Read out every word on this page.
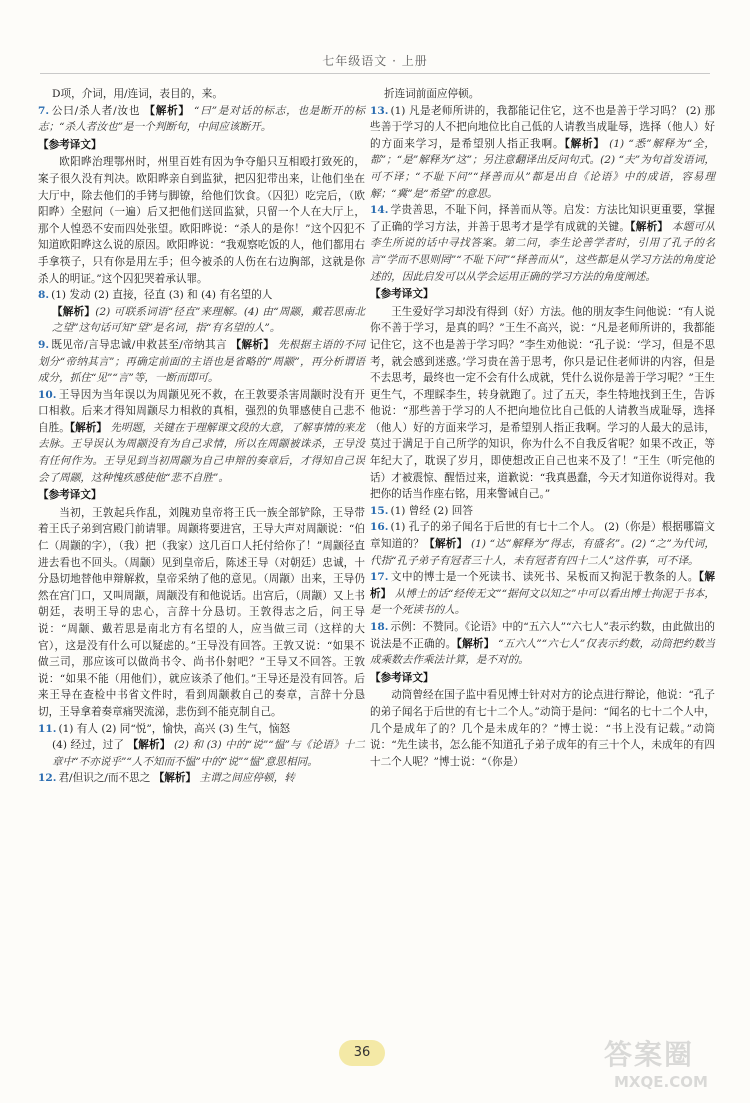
七年级语文 · 上册

D项，介词，用/连词，表目的，来。

7. 公曰/杀人者/汝也 【解析】 “曰”是对话的标志，也是断开的标志；“杀人者汝也”是一个判断句，中间应该断开。

【参考译文】

欧阳晔治理鄂州时，州里百姓有因为争夺船只互相殴打致死的，案子很久没有判决。欧阳晔亲自到监狱，把囚犯带出来，让他们坐在大厅中，除去他们的手铐与脚镣，给他们饮食。（囚犯）吃完后，（欧阳晔）全慰问（一遍）后又把他们送回监狱，只留一个人在大厅上，那个人惶恐不安而四处张望。欧阳晔说：“杀人的是你！”这个囚犯不知道欧阳晔这么说的原因。欧阳晔说：“我观察吃饭的人，他们都用右手拿筷子，只有你是用左手；但今被杀的人伤在右边胸部，这就是你杀人的明证。”这个囚犯哭着承认罪。

8. (1) 发动 (2) 直接，径直 (3) 和 (4) 有名望的人

【解析】(2) 可联系词语“径直”来理解。(4) 由“周颛，戴若思南北之望”这句话可知“望”是名词，指“有名望的人”。

9. 既见帝/言导忠诚/申救甚至/帝纳其言 【解析】 先根据主语的不同划分“帝纳其言”；再确定前面的主语也是省略的“周颛”，再分析谓语成分，抓住“见”“言”等，一断而即可。

10. 王导因为当年误以为周颛见死不救，在王敦要杀害周颛时没有开口相救。后来才得知周颛尽力相救的真相，强烈的负罪感使自己悲不自胜。【解析】 先明题，关键在于理解课文段的大意，了解事情的来龙去脉。王导误认为周颛没有为自己求情，所以在周颛被诛杀，王导没有任何作为。王导见到当初周颛为自己申辩的奏章后，才得知自己误会了周颛，这种愧疚感使他“悲不自胜”。

【参考译文】

当初，王敦起兵作乱，刘隗劝皇帝将王氏一族全部铲除，王导带着王氏子弟到宫殿门前请罪。周颛将要进宫，王导大声对周颛说：“伯仁（周颛的字），（我）把（我家）这几百口人托付给你了！”周颛径直进去看也不回头。（周颛）见到皇帝后，陈述王导（对朝廷）忠诚，十分恳切地替他申辩解救，皇帝采纳了他的意见。（周颛）出来，王导仍然在宫门口，又叫周颛，周颛没有和他说话。出宫后，（周颛）又上书朝廷，表明王导的忠心，言辞十分恳切。王敦得志之后，问王导说：“周颛、戴若思是南北方有名望的人，应当做三司（这样的大官），这是没有什么可以疑虑的。”王导没有回答。王敦又说：“如果不做三司，那应该可以做尚书令、尚书仆射吧？”王导又不回答。王敦说：“如果不能（用他们），就应该杀了他们。”王导还是没有回答。后来王导在查检中书省文件时，看到周颛救自己的奏章，言辞十分恳切，王导拿着奏章痛哭流涕，悲伤到不能克制自己。

11. (1) 有人 (2) 同“悦”，愉快，高兴 (3) 生气，恼怒

(4) 经过，过了 【解析】 (2) 和 (3) 中的“说”“愠”与《论语》十二章中“不亦说乎”“人不知而不愠”中的“说”“愠”意思相同。

12. 君/但识之/而不思之 【解析】 主谓之间应停顿，转

折连词前面应停顿。

13. (1) 凡是老师所讲的，我都能记住它，这不也是善于学习吗？ (2) 那些善于学习的人不把向地位比自己低的人请教当成耻辱，选择（他人）好的方面来学习，是希望别人指正我啊。【解析】 (1) “悉”解释为“全，都”；“是”解释为“这”；另注意翻译出反问句式。(2) “夫”为句首发语词，可不译；“不耻下问”“择善而从”都是出自《论语》中的成语，容易理解；“冀”是“希望”的意思。

14. 学贵善思，不耻下问，择善而从等。启发：方法比知识更重要，掌握了正确的学习方法，并善于思考才是学有成就的关键。【解析】 本题可从李生所说的话中寻找答案。第二问，李生论善学者时，引用了孔子的名言“学而不思则罔”“不耻下问”“择善而从”，这些都是从学习方法的角度论述的，因此启发可以从学会运用正确的学习方法的角度阐述。

【参考译文】

王生爱好学习却没有得到（好）方法。他的朋友李生问他说：“有人说你不善于学习，是真的吗？”王生不高兴，说：“凡是老师所讲的，我都能记住它，这不也是善于学习吗？”李生劝他说：“孔子说：‘学习，但是不思考，就会感到迷惑。’学习贵在善于思考，你只是记住老师讲的内容，但是不去思考，最终也一定不会有什么成就，凭什么说你是善于学习呢？”王生更生气，不理睬李生，转身就跑了。过了五天，李生特地找到王生，告诉他说：“那些善于学习的人不把向地位比自己低的人请教当成耻辱，选择（他人）好的方面来学习，是希望别人指正我啊。学习的人最大的忌讳，莫过于满足于自己所学的知识，你为什么不自我反省呢？如果不改正，等年纪大了，耽误了岁月，即使想改正自己也来不及了！”王生（听完他的话）才被震惊、醒悟过来，道歉说：“我真愚蠢，今天才知道你说得对。我把你的话当作座右铭，用来警诫自己。”

15. (1) 曾经 (2) 回答

16. (1) 孔子的弟子闻名于后世的有七十二个人。 (2)（你是）根据哪篇文章知道的？【解析】 (1) “达”解释为“得志，有盛名”。(2) “之”为代词，代指“孔子弟子有冠者三十人，未有冠者有四十二人”这件事，可不译。

17. 文中的博士是一个死读书、读死书、呆板而又拘泥于教条的人。【解析】 从博士的话“经传无文”“据何文以知之”中可以看出博士拘泥于书本，是一个死读书的人。

18. 示例：不赞同。《论语》中的“五六人”“六七人”表示约数，由此做出的说法是不正确的。【解析】 “五六人”“六七人”仅表示约数，动筒把约数当成乘数去作乘法计算，是不对的。

【参考译文】

动筒曾经在国子监中看见博士针对对方的论点进行辩论，他说：“孔子的弟子闻名于后世的有七十二个人。”动筒于是问：“闻名的七十二个人中，几个是成年了的？几个是未成年的？”博士说：“书上没有记载。”动筒说：“先生读书，怎么能不知道孔子弟子成年的有三十个人，未成年的有四十二个人呢？”博士说：“（你是）

36	答案圈
MXQE.COM
